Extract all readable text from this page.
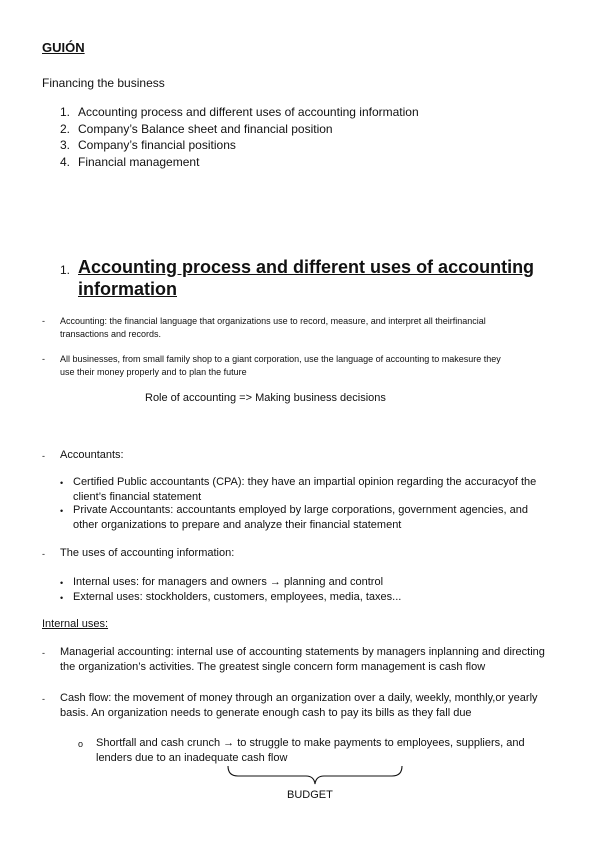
GUIÓN
Financing the business
1. Accounting process and different uses of accounting information
2. Company’s Balance sheet and financial position
3. Company’s financial positions
4. Financial management
1. Accounting process and different uses of accounting
information
- Accounting: the financial language that organizations use to record, measure, and interpret all theirfinancial
transactions and records.
- All businesses, from small family shop to a giant corporation, use the language of accounting to makesure they
use their money properly and to plan the future
Role of accounting => Making business decisions
- Accountants:
• Certified Public accountants (CPA): they have an impartial opinion regarding the accuracyof the
client’s financial statement
• Private Accountants: accountants employed by large corporations, government agencies, and
other organizations to prepare and analyze their financial statement
- The uses of accounting information:
• Internal uses: for managers and owners → planning and control
• External uses: stockholders, customers, employees, media, taxes...
Internal uses:
- Managerial accounting: internal use of accounting statements by managers inplanning and directing
the organization’s activities. The greatest single concern form management is cash flow
- Cash flow: the movement of money through an organization over a daily, weekly, monthly,or yearly
basis. An organization needs to generate enough cash to pay its bills as they fall due
o Shortfall and cash crunch → to struggle to make payments to employees, suppliers, and
lenders due to an inadequate cash flow
BUDGET
